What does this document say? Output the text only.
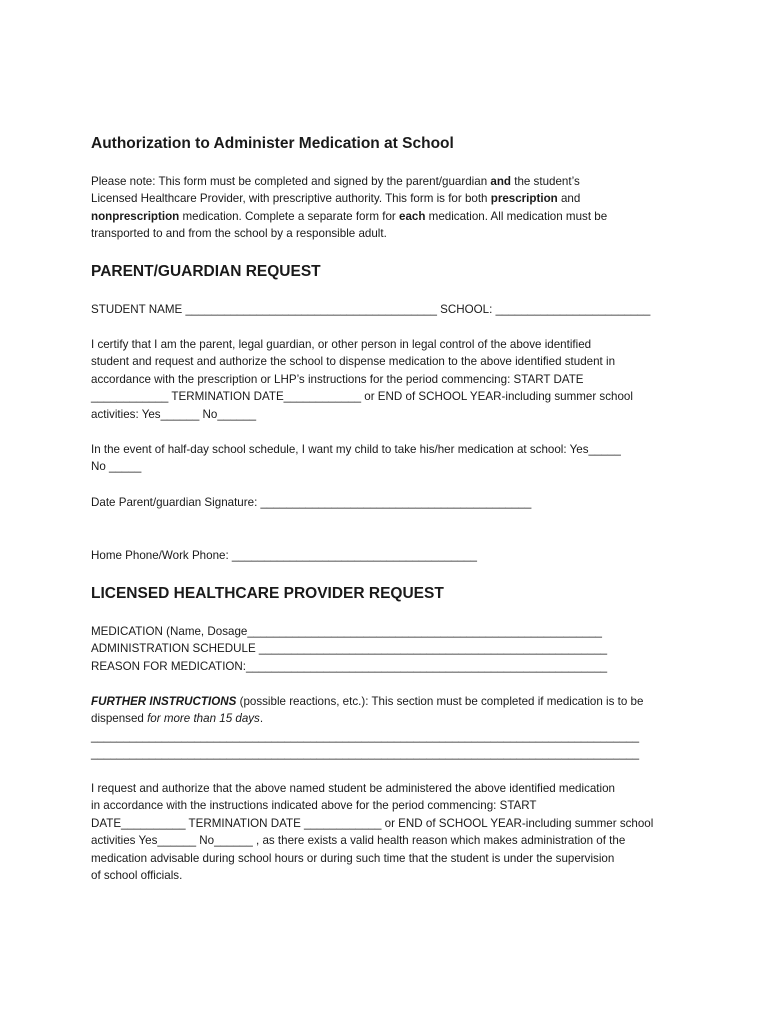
Authorization to Administer Medication at School
Please note: This form must be completed and signed by the parent/guardian and the student’s
Licensed Healthcare Provider, with prescriptive authority. This form is for both prescription and
nonprescription medication. Complete a separate form for each medication. All medication must be
transported to and from the school by a responsible adult.
PARENT/GUARDIAN REQUEST
STUDENT NAME _______________________________________ SCHOOL: ________________________
I certify that I am the parent, legal guardian, or other person in legal control of the above identified
student and request and authorize the school to dispense medication to the above identified student in
accordance with the prescription or LHP’s instructions for the period commencing: START DATE
____________ TERMINATION DATE____________ or END of SCHOOL YEAR-including summer school
activities: Yes______ No______
In the event of half-day school schedule, I want my child to take his/her medication at school: Yes_____
No _____
Date Parent/guardian Signature: __________________________________________
Home Phone/Work Phone: ______________________________________
LICENSED HEALTHCARE PROVIDER REQUEST
MEDICATION (Name, Dosage_______________________________________________________
ADMINISTRATION SCHEDULE ______________________________________________________
REASON FOR MEDICATION:________________________________________________________
FURTHER INSTRUCTIONS (possible reactions, etc.): This section must be completed if medication is to be
dispensed for more than 15 days.
_____________________________________________________________________________________
_____________________________________________________________________________________
I request and authorize that the above named student be administered the above identified medication
in accordance with the instructions indicated above for the period commencing: START
DATE__________ TERMINATION DATE ____________ or END of SCHOOL YEAR-including summer school
activities Yes______ No______ , as there exists a valid health reason which makes administration of the
medication advisable during school hours or during such time that the student is under the supervision
of school officials.
